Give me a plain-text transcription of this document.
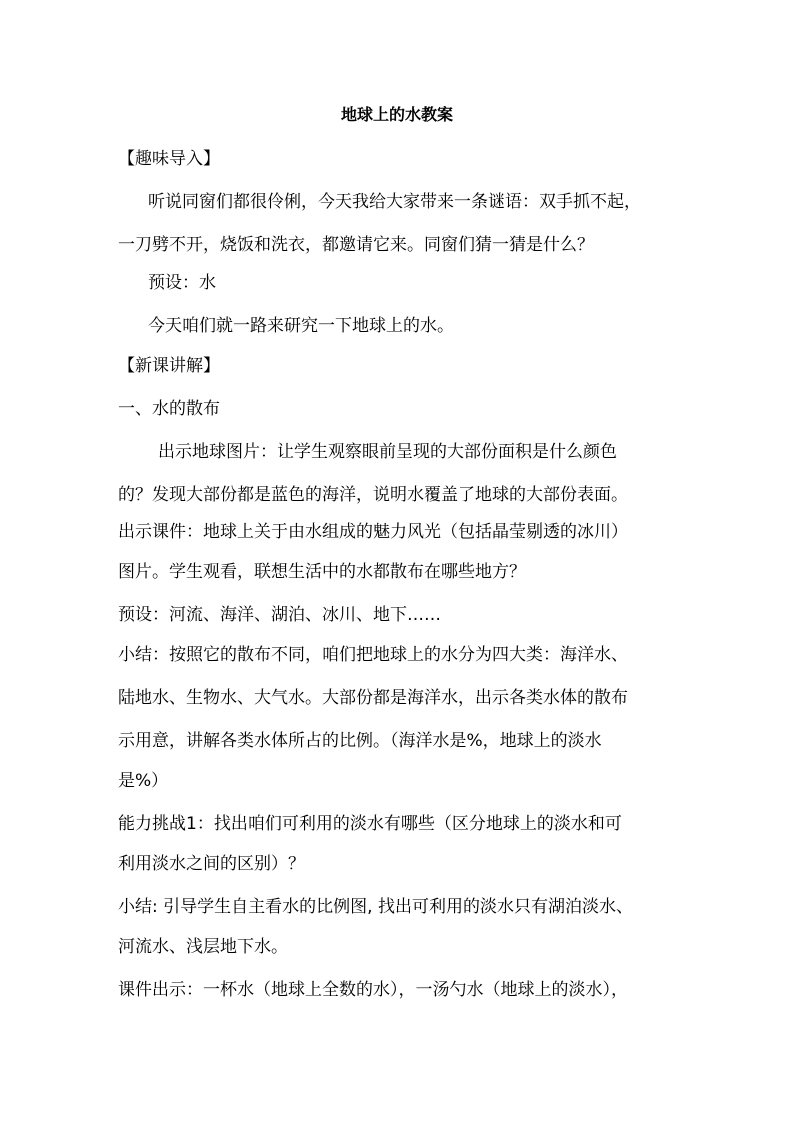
地球上的水教案
【趣味导入】
听说同窗们都很伶俐，今天我给大家带来一条谜语：双手抓不起，
一刀劈不开，烧饭和洗衣，都邀请它来。同窗们猜一猜是什么？
预设：水
今天咱们就一路来研究一下地球上的水。
【新课讲解】
一、水的散布
出示地球图片：让学生观察眼前呈现的大部份面积是什么颜色
的？发现大部份都是蓝色的海洋，说明水覆盖了地球的大部份表面。
出示课件：地球上关于由水组成的魅力风光（包括晶莹剔透的冰川）
图片。学生观看，联想生活中的水都散布在哪些地方？
预设：河流、海洋、湖泊、冰川、地下……
小结：按照它的散布不同，咱们把地球上的水分为四大类：海洋水、
陆地水、生物水、大气水。大部份都是海洋水，出示各类水体的散布
示用意，讲解各类水体所占的比例。（海洋水是%，地球上的淡水
是%）
能力挑战1：找出咱们可利用的淡水有哪些（区分地球上的淡水和可
利用淡水之间的区别）？
小结: 引导学生自主看水的比例图, 找出可利用的淡水只有湖泊淡水、
河流水、浅层地下水。
课件出示：一杯水（地球上全数的水），一汤勺水（地球上的淡水），
